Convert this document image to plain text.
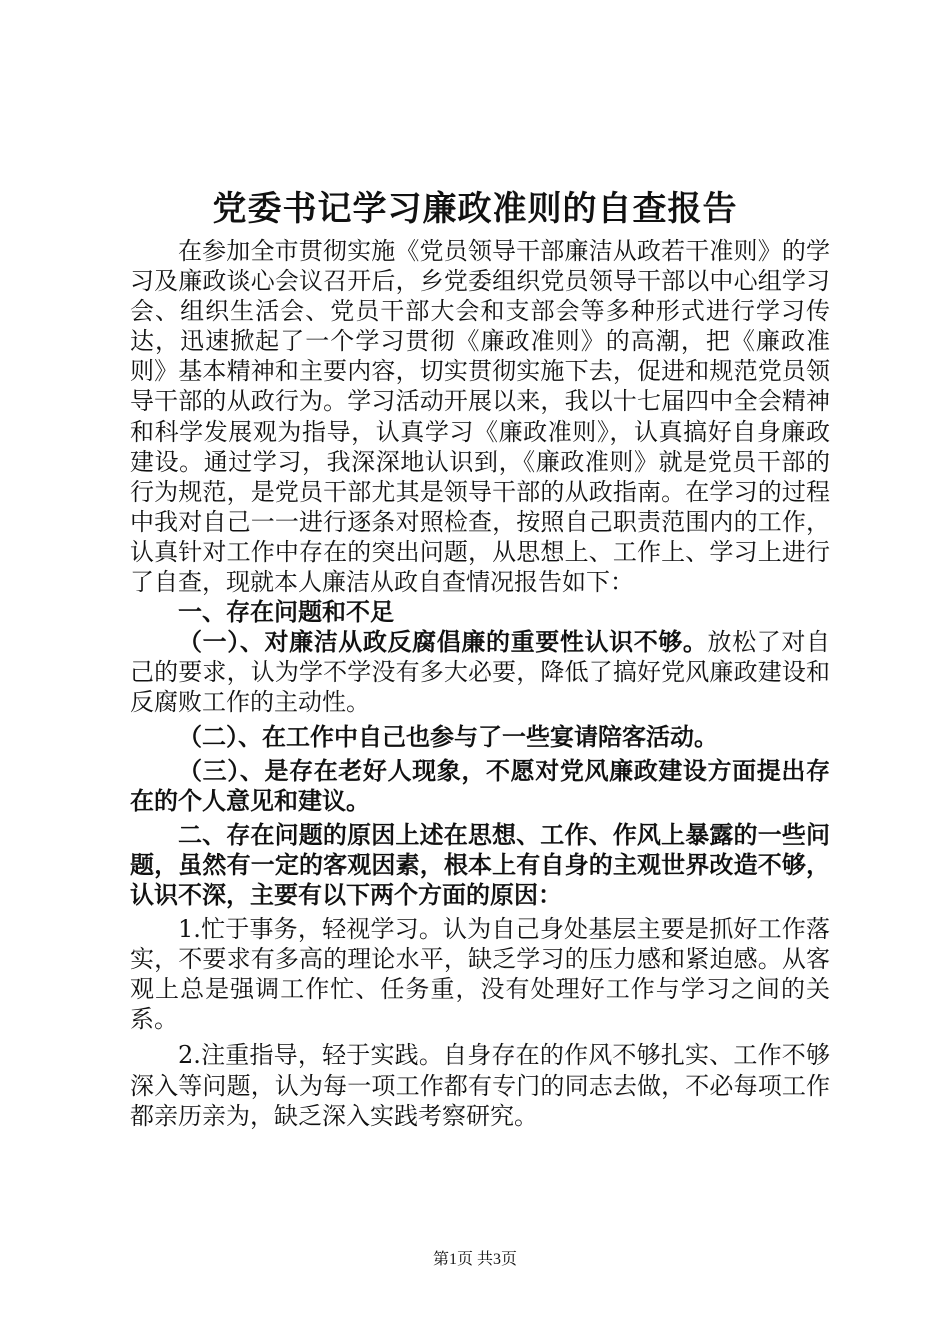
党委书记学习廉政准则的自查报告

在参加全市贯彻实施《党员领导干部廉洁从政若干准则》的学习及廉政谈心会议召开后，乡党委组织党员领导干部以中心组学习会、组织生活会、党员干部大会和支部会等多种形式进行学习传达，迅速掀起了一个学习贯彻《廉政准则》的高潮，把《廉政准则》基本精神和主要内容，切实贯彻实施下去，促进和规范党员领导干部的从政行为。学习活动开展以来，我以十七届四中全会精神和科学发展观为指导，认真学习《廉政准则》，认真搞好自身廉政建设。通过学习，我深深地认识到，《廉政准则》就是党员干部的行为规范，是党员干部尤其是领导干部的从政指南。在学习的过程中我对自己一一进行逐条对照检查，按照自己职责范围内的工作，认真针对工作中存在的突出问题，从思想上、工作上、学习上进行了自查，现就本人廉洁从政自查情况报告如下：

一、存在问题和不足

（一）、对廉洁从政反腐倡廉的重要性认识不够。放松了对自己的要求，认为学不学没有多大必要，降低了搞好党风廉政建设和反腐败工作的主动性。

（二）、在工作中自己也参与了一些宴请陪客活动。

（三）、是存在老好人现象，不愿对党风廉政建设方面提出存在的个人意见和建议。

二、存在问题的原因上述在思想、工作、作风上暴露的一些问题，虽然有一定的客观因素，根本上有自身的主观世界改造不够，认识不深，主要有以下两个方面的原因：

1.忙于事务，轻视学习。认为自己身处基层主要是抓好工作落实，不要求有多高的理论水平，缺乏学习的压力感和紧迫感。从客观上总是强调工作忙、任务重，没有处理好工作与学习之间的关系。

2.注重指导，轻于实践。自身存在的作风不够扎实、工作不够深入等问题，认为每一项工作都有专门的同志去做，不必每项工作都亲历亲为，缺乏深入实践考察研究。

第1页 共3页
